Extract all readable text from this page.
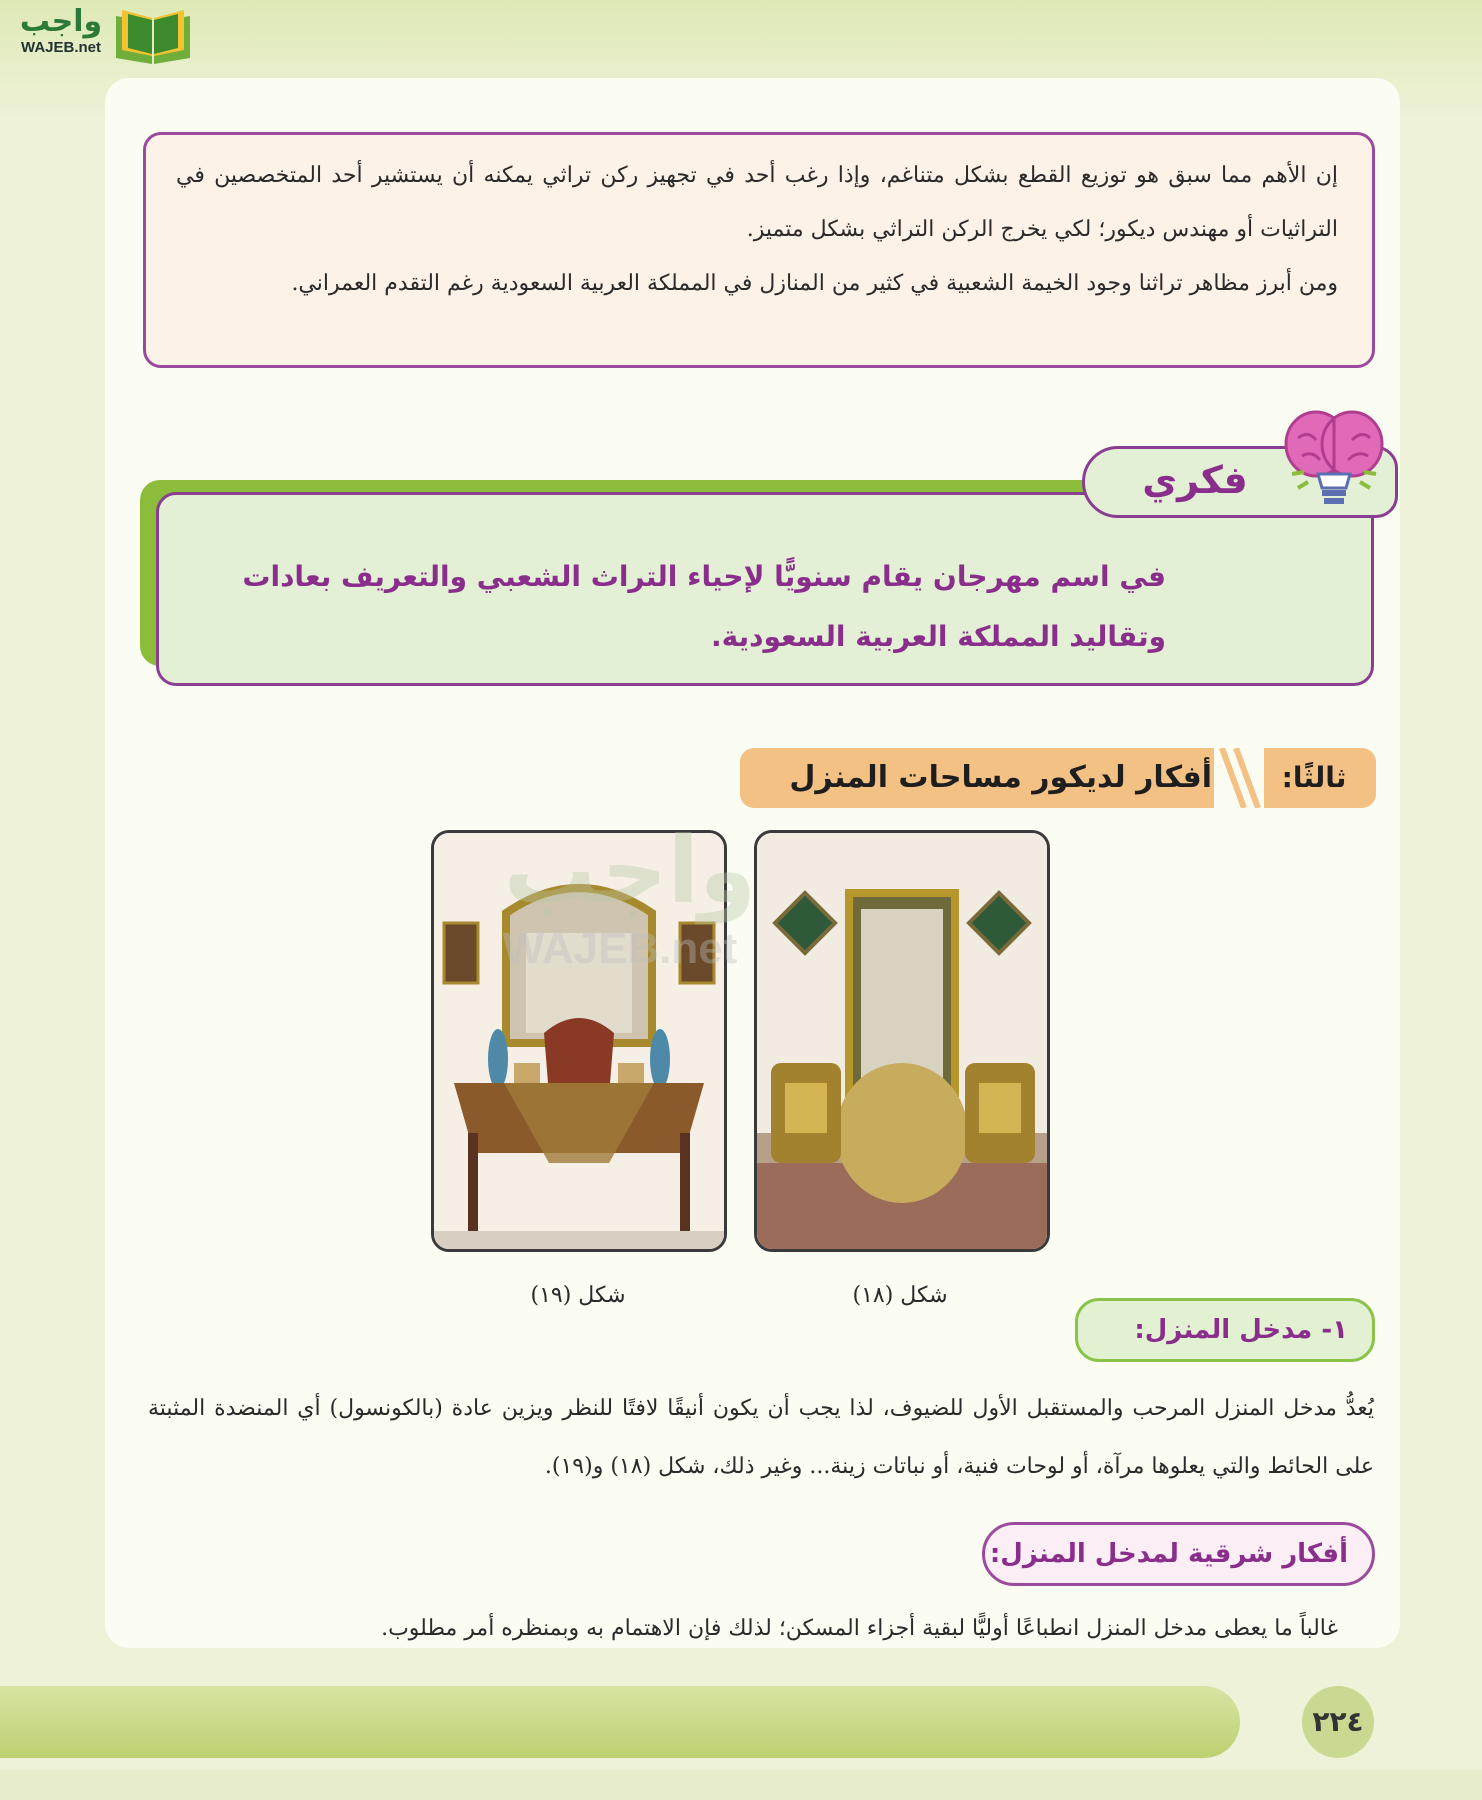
واجب
WAJEB.net

إن الأهم مما سبق هو توزيع القطع بشكل متناغم، وإذا رغب أحد في تجهيز ركن تراثي يمكنه أن يستشير أحد المتخصصين في التراثيات أو مهندس ديكور؛ لكي يخرج الركن التراثي بشكل متميز.

ومن أبرز مظاهر تراثنا وجود الخيمة الشعبية في كثير من المنازل في المملكة العربية السعودية رغم التقدم العمراني.

في اسم مهرجان يقام سنويًّا لإحياء التراث الشعبي والتعريف بعادات وتقاليد المملكة العربية السعودية.

فكري
ثالثًا:
أفكار لديكور مساحات المنزل
واجب
WAJEB.net
شكل (١٨)
شكل (١٩)
١- مدخل المنزل:

يُعدُّ مدخل المنزل المرحب والمستقبل الأول للضيوف، لذا يجب أن يكون أنيقًا لافتًا للنظر ويزين عادة (بالكونسول) أي المنضدة المثبتة على الحائط والتي يعلوها مرآة، أو لوحات فنية، أو نباتات زينة... وغير ذلك، شكل (١٨) و(١٩).

أفكار شرقية لمدخل المنزل:

غالباً ما يعطى مدخل المنزل انطباعًا أوليًّا لبقية أجزاء المسكن؛ لذلك فإن الاهتمام به وبمنظره أمر مطلوب.

٢٢٤
